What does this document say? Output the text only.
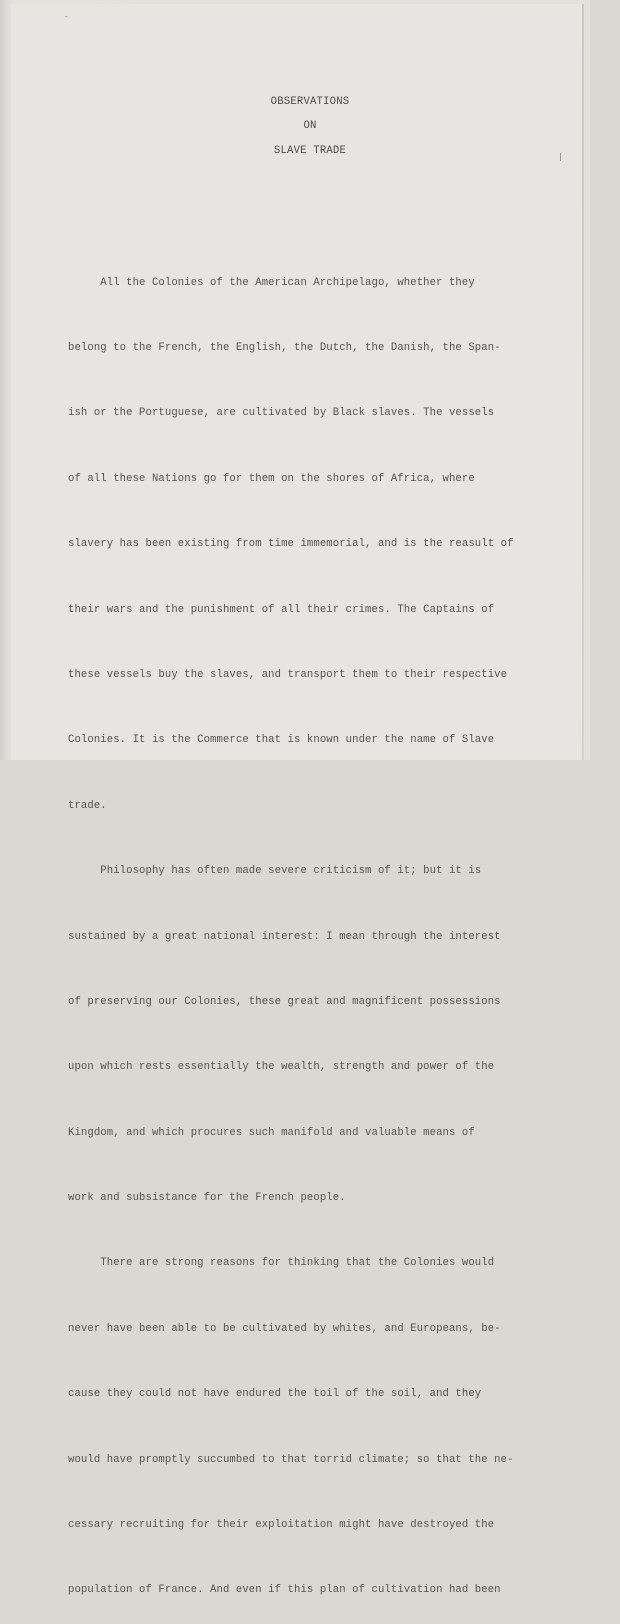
-
|
OBSERVATIONS
ON
SLAVE TRADE

All the Colonies of the American Archipelago, whether they

belong to the French, the English, the Dutch, the Danish, the Span-

ish or the Portuguese, are cultivated by Black slaves. The vessels

of all these Nations go for them on the shores of Africa, where

slavery has been existing from time immemorial, and is the reasult of

their wars and the punishment of all their crimes. The Captains of

these vessels buy the slaves, and transport them to their respective

Colonies. It is the Commerce that is known under the name of Slave

trade.

Philosophy has often made severe criticism of it; but it is

sustained by a great national interest: I mean through the interest

of preserving our Colonies, these great and magnificent possessions

upon which rests essentially the wealth, strength and power of the

Kingdom, and which procures such manifold and valuable means of

work and subsistance for the French people.

There are strong reasons for thinking that the Colonies would

never have been able to be cultivated by whites, and Europeans, be-

cause they could not have endured the toil of the soil, and they

would have promptly succumbed to that torrid climate; so that the ne-

cessary recruiting for their exploitation might have destroyed the

population of France. And even if this plan of cultivation had been
